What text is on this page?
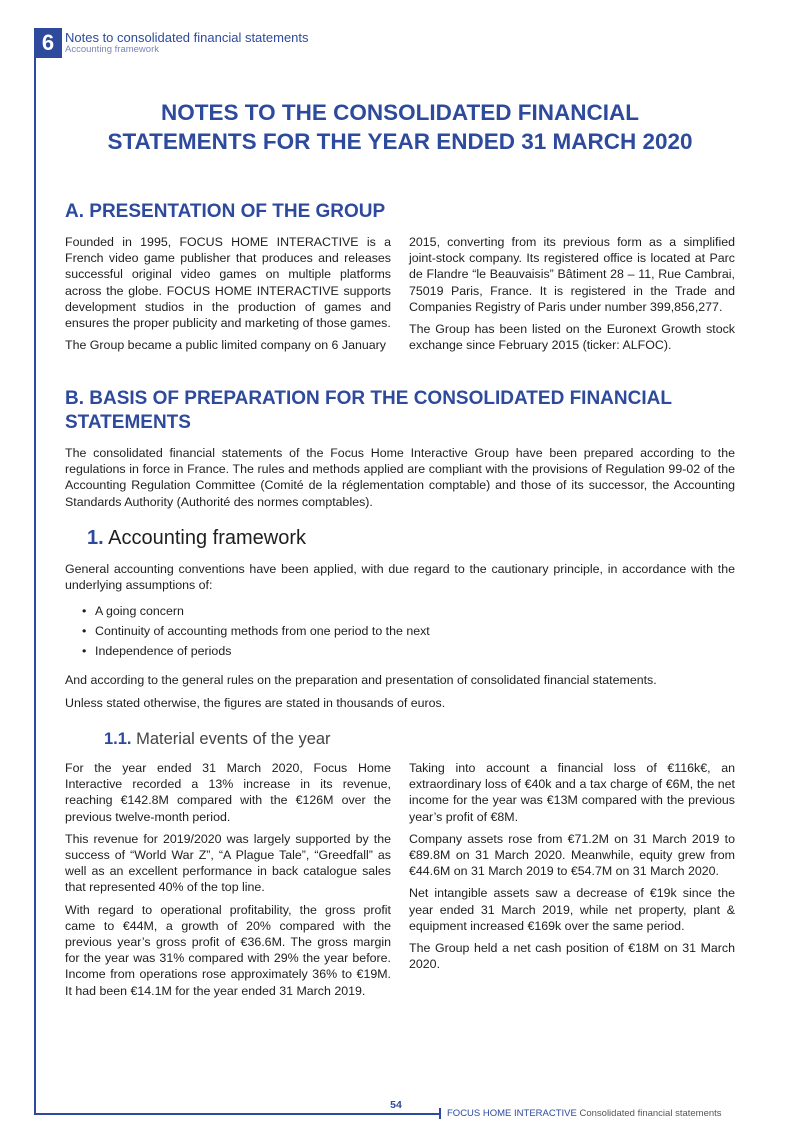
6 Notes to consolidated financial statements
Accounting framework
NOTES TO THE CONSOLIDATED FINANCIAL
STATEMENTS FOR THE YEAR ENDED 31 MARCH 2020
A. PRESENTATION OF THE GROUP

Founded in 1995, FOCUS HOME INTERACTIVE is a French video game publisher that produces and releases successful original video games on multiple platforms across the globe. FOCUS HOME INTERACTIVE supports development studios in the production of games and ensures the proper publicity and marketing of those games.

The Group became a public limited company on 6 January

2015, converting from its previous form as a simplified joint-stock company. Its registered office is located at Parc de Flandre “le Beauvaisis” Bâtiment 28 – 11, Rue Cambrai, 75019 Paris, France. It is registered in the Trade and Companies Registry of Paris under number 399,856,277.

The Group has been listed on the Euronext Growth stock exchange since February 2015 (ticker: ALFOC).

B. BASIS OF PREPARATION FOR THE CONSOLIDATED FINANCIAL
STATEMENTS

The consolidated financial statements of the Focus Home Interactive Group have been prepared according to the regulations in force in France. The rules and methods applied are compliant with the provisions of Regulation 99-02 of the Accounting Regulation Committee (Comité de la réglementation comptable) and those of its successor, the Accounting Standards Authority (Authorité des normes comptables).

1. Accounting framework

General accounting conventions have been applied, with due regard to the cautionary principle, in accordance with the underlying assumptions of:

• A going concern
• Continuity of accounting methods from one period to the next
• Independence of periods

And according to the general rules on the preparation and presentation of consolidated financial statements.

Unless stated otherwise, the figures are stated in thousands of euros.

1.1. Material events of the year

For the year ended 31 March 2020, Focus Home Interactive recorded a 13% increase in its revenue, reaching €142.8M compared with the €126M over the previous twelve-month period.

This revenue for 2019/2020 was largely supported by the success of “World War Z”, “A Plague Tale”, “Greedfall” as well as an excellent performance in back catalogue sales that represented 40% of the top line.

With regard to operational profitability, the gross profit came to €44M, a growth of 20% compared with the previous year’s gross profit of €36.6M. The gross margin for the year was 31% compared with 29% the year before. Income from operations rose approximately 36% to €19M. It had been €14.1M for the year ended 31 March 2019.

Taking into account a financial loss of €116k€, an extraordinary loss of €40k and a tax charge of €6M, the net income for the year was €13M compared with the previous year’s profit of €8M.

Company assets rose from €71.2M on 31 March 2019 to €89.8M on 31 March 2020. Meanwhile, equity grew from €44.6M on 31 March 2019 to €54.7M on 31 March 2020.

Net intangible assets saw a decrease of €19k since the year ended 31 March 2019, while net property, plant & equipment increased €169k over the same period.

The Group held a net cash position of €18M on 31 March 2020.

54
FOCUS HOME INTERACTIVE Consolidated financial statements
